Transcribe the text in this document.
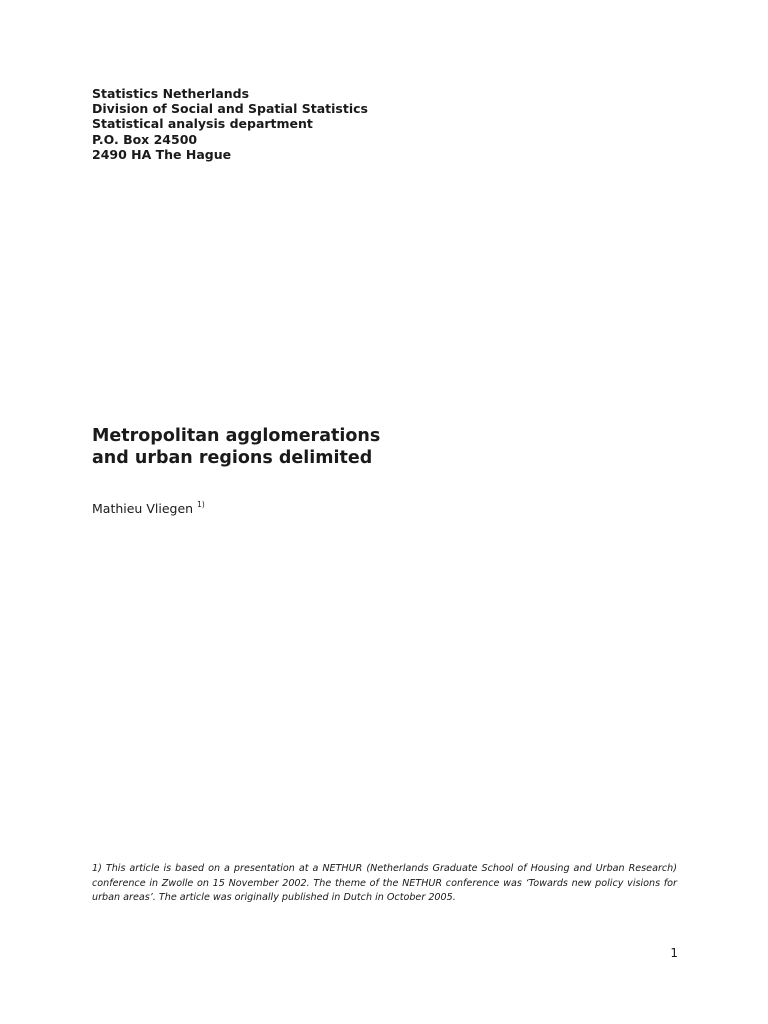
Statistics Netherlands
Division of Social and Spatial Statistics
Statistical analysis department
P.O. Box 24500
2490 HA The Hague
Metropolitan agglomerations
and urban regions delimited
Mathieu Vliegen $^{1)}$

1) This article is based on a presentation at a NETHUR (Netherlands Graduate School of Housing and Urban Research) conference in Zwolle on 15 November 2002. The theme of the NETHUR conference was ‘Towards new policy visions for urban areas’. The article was originally published in Dutch in October 2005.

1
